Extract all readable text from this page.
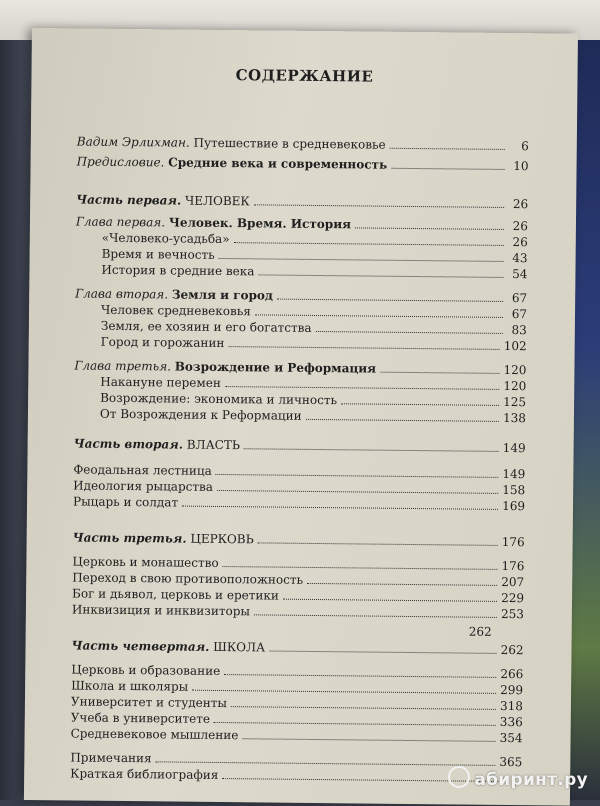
СОДЕРЖАНИЕ
Вадим Эрлихман. Путешествие в средневековье	6
Предисловие. Средние века и современность	10
Часть первая. ЧЕЛОВЕК	26
Глава первая. Человек. Время. История	26
«Человеко-усадьба»	26
Время и вечность	43
История в средние века	54
Глава вторая. Земля и город	67
Человек средневековья	67
Земля, ее хозяин и его богатства	83
Город и горожанин	102
Глава третья. Возрождение и Реформация	120
Накануне перемен	120
Возрождение: экономика и личность	125
От Возрождения к Реформации	138
Часть вторая. ВЛАСТЬ	149
Феодальная лестница	149
Идеология рыцарства	158
Рыцарь и солдат	169
Часть третья. ЦЕРКОВЬ	176
Церковь и монашество	176
Переход в свою противоположность	207
Бог и дьявол, церковь и еретики	229
Инквизиция и инквизиторы	253
262
Часть четвертая. ШКОЛА	262
Церковь и образование	266
Школа и школяры	299
Университет и студенты	318
Учеба в университете	336
Средневековое мышление	354
Примечания	365
Краткая библиография	абиринт.ру
